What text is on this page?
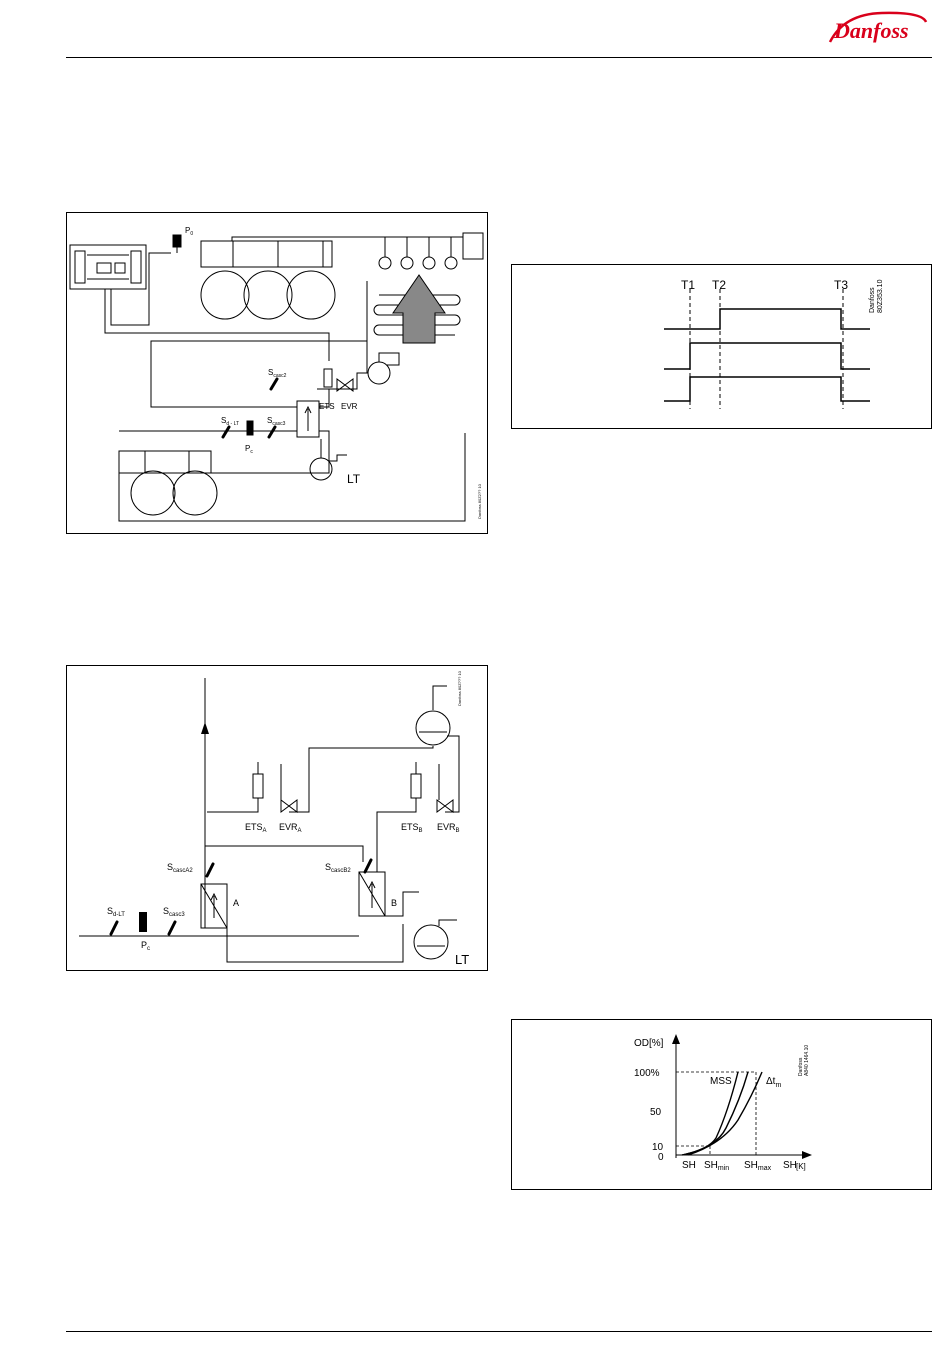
Danfoss
$P_0$
$S_{casc2}$
ETS EVR
$S_{d - LT}$	$S_{casc3}$
$P_c$
LT
Danfoss 80Z2?? 10
Danfoss 80Z??? 10
$ETS_A$ $EVR_A$	$ETS_B$ $EVR_B$
$S_{cascA2}$	$S_{cascB2}$
A	B
$S_{d-LT}$	$S_{casc3}$
$P_c$
LT
T1 T2	T3
Danfoss 80Z353.10
OD[%]
100%
50
10
0
MSS	$\Delta t_m$
SH $SH_{min}$ $SH_{max}$ SH [K]
Danfoss A840 1464.10
